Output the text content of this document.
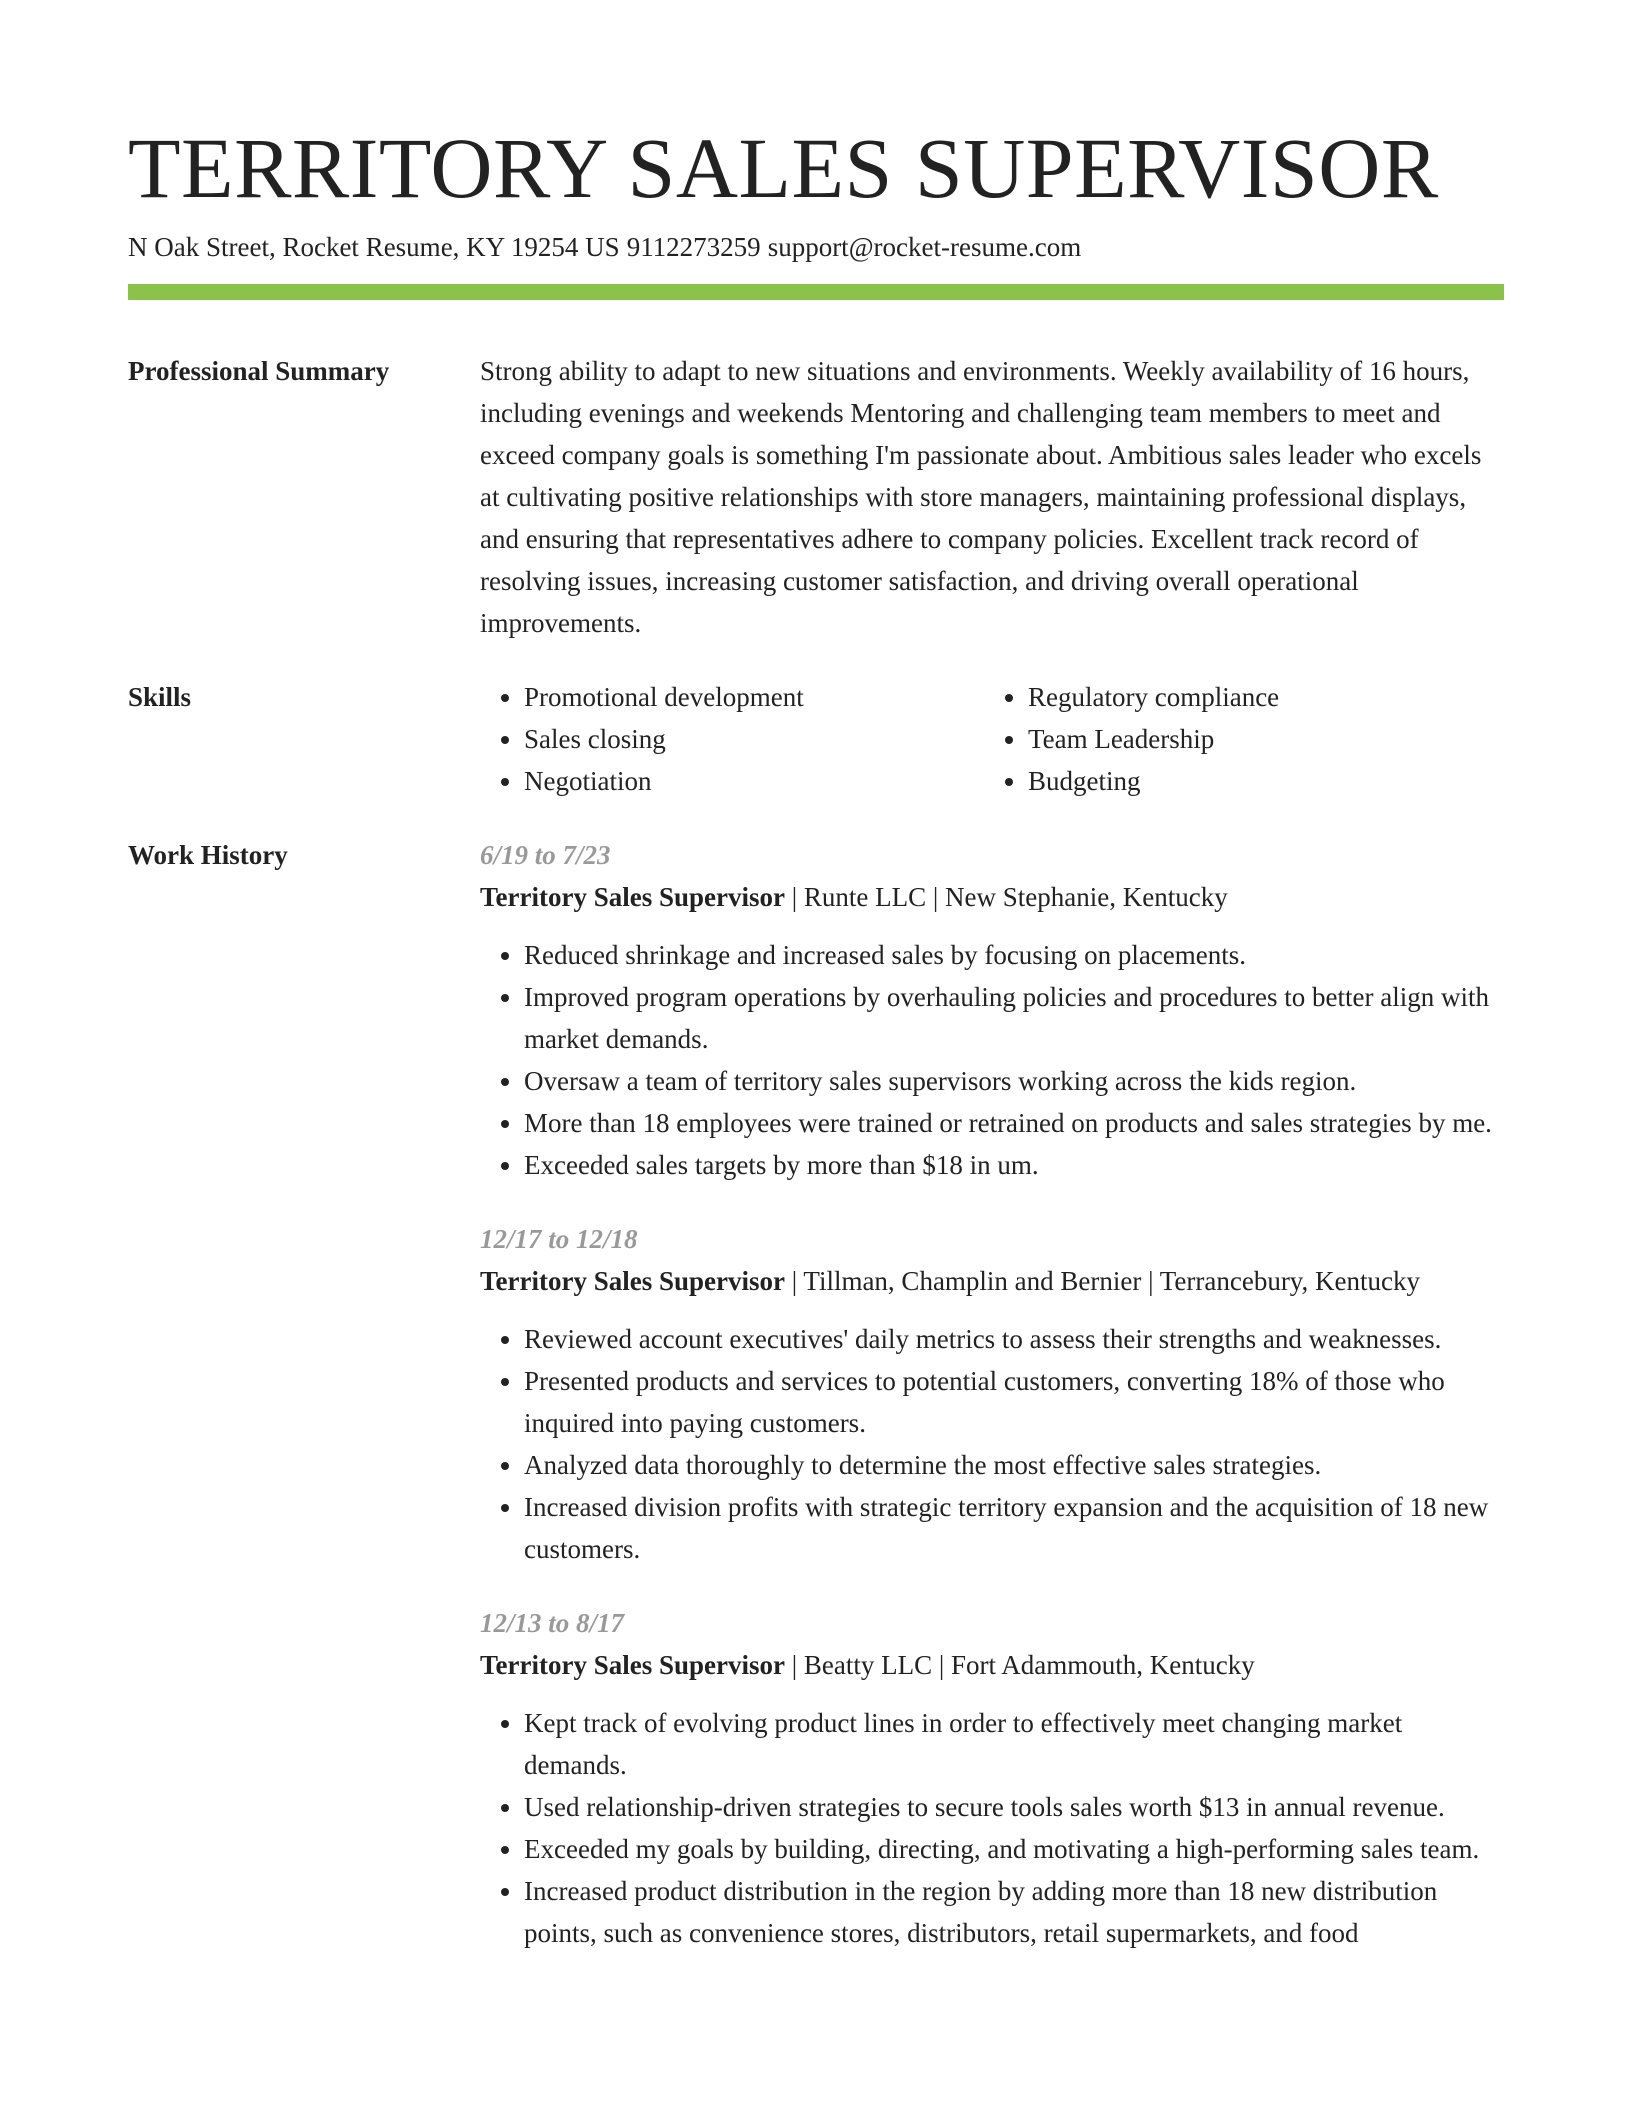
TERRITORY SALES SUPERVISOR
N Oak Street, Rocket Resume, KY 19254 US 9112273259 support@rocket-resume.com
Professional Summary	Strong ability to adapt to new situations and environments. Weekly availability of 16 hours, including evenings and weekends Mentoring and challenging team members to meet and exceed company goals is something I'm passionate about. Ambitious sales leader who excels at cultivating positive relationships with store managers, maintaining professional displays, and ensuring that representatives adhere to company policies. Excellent track record of resolving issues, increasing customer satisfaction, and driving overall operational improvements.
Skills
•	Promotional development
• Sales closing
• Negotiation
• Regulatory compliance
• Team Leadership
• Budgeting
Work History	6/19 to 7/23
Territory Sales Supervisor | Runte LLC | New Stephanie, Kentucky
• Reduced shrinkage and increased sales by focusing on placements.
• Improved program operations by overhauling policies and procedures to better align with market demands.
• Oversaw a team of territory sales supervisors working across the kids region.
• More than 18 employees were trained or retrained on products and sales strategies by me.
• Exceeded sales targets by more than $18 in um.
12/17 to 12/18
Territory Sales Supervisor | Tillman, Champlin and Bernier | Terrancebury, Kentucky
• Reviewed account executives' daily metrics to assess their strengths and weaknesses.
• Presented products and services to potential customers, converting 18% of those who inquired into paying customers.
• Analyzed data thoroughly to determine the most effective sales strategies.
• Increased division profits with strategic territory expansion and the acquisition of 18 new customers.
12/13 to 8/17
Territory Sales Supervisor | Beatty LLC | Fort Adammouth, Kentucky
• Kept track of evolving product lines in order to effectively meet changing market demands.
• Used relationship-driven strategies to secure tools sales worth $13 in annual revenue.
• Exceeded my goals by building, directing, and motivating a high-performing sales team.
• Increased product distribution in the region by adding more than 18 new distribution points, such as convenience stores, distributors, retail supermarkets, and food
